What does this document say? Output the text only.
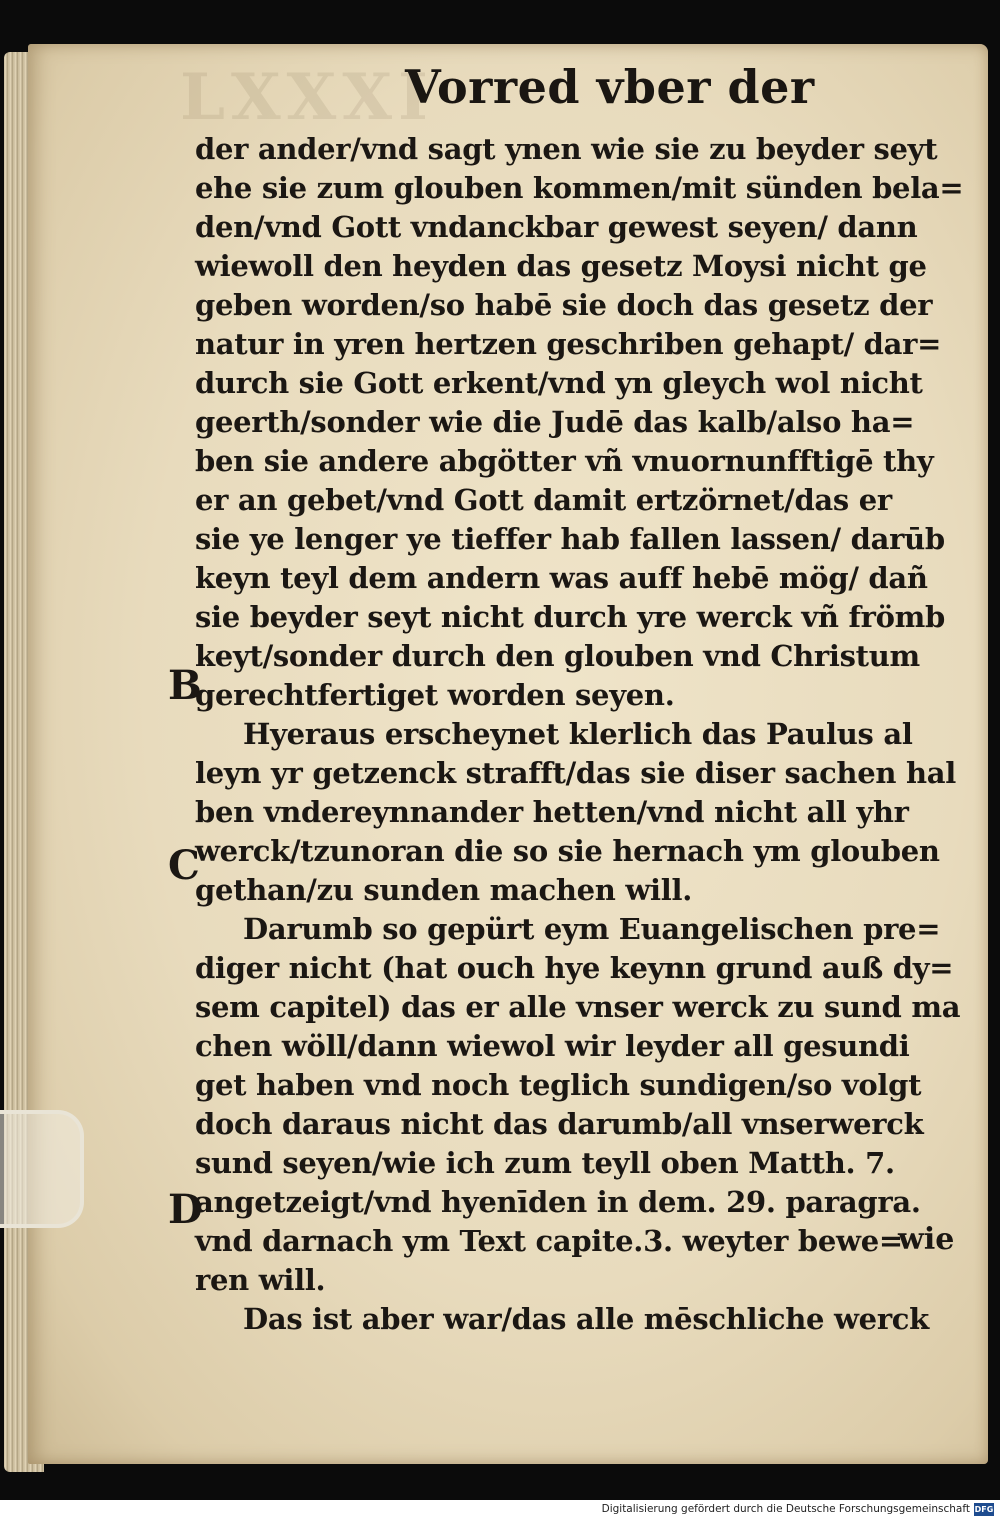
LXXXI
Vorred vber der
B
C
D
der ander/vnd sagt ynen wie sie zu beyder seyt
ehe sie zum glouben kommen/mit sünden bela=
den/vnd Gott vndanckbar gewest seyen/ dann
wiewoll den heyden das gesetz Moysi nicht ge
geben worden/so habē sie doch das gesetz der
natur in yren hertzen geschriben gehapt/ dar=
durch sie Gott erkent/vnd yn gleych wol nicht
geerth/sonder wie die Judē das kalb/also ha=
ben sie andere abgötter vñ vnuornunfftigē thy
er an gebet/vnd Gott damit ertzörnet/das er
sie ye lenger ye tieffer hab fallen lassen/ darūb
keyn teyl dem andern was auff hebē mög/ dañ
sie beyder seyt nicht durch yre werck vñ frömb
keyt/sonder durch den glouben vnd Christum
gerechtfertiget worden seyen.
Hyeraus erscheynet klerlich das Paulus al
leyn yr getzenck strafft/das sie diser sachen hal
ben vndereynnander hetten/vnd nicht all yhr
werck/tzunoran die so sie hernach ym glouben
gethan/zu sunden machen will.
Darumb so gepürt eym Euangelischen pre=
diger nicht (hat ouch hye keynn grund auß dy=
sem capitel) das er alle vnser werck zu sund ma
chen wöll/dann wiewol wir leyder all gesundi
get haben vnd noch teglich sundigen/so volgt
doch daraus nicht das darumb/all vnserwerck
sund seyen/wie ich zum teyll oben Matth. 7.
angetzeigt/vnd hyenīden in dem. 29. paragra.
vnd darnach ym Text capite.3. weyter bewe=
ren will.
Das ist aber war/das alle mēschliche werck
wie
Digitalisierung gefördert durch die Deutsche Forschungsgemeinschaft DFG
